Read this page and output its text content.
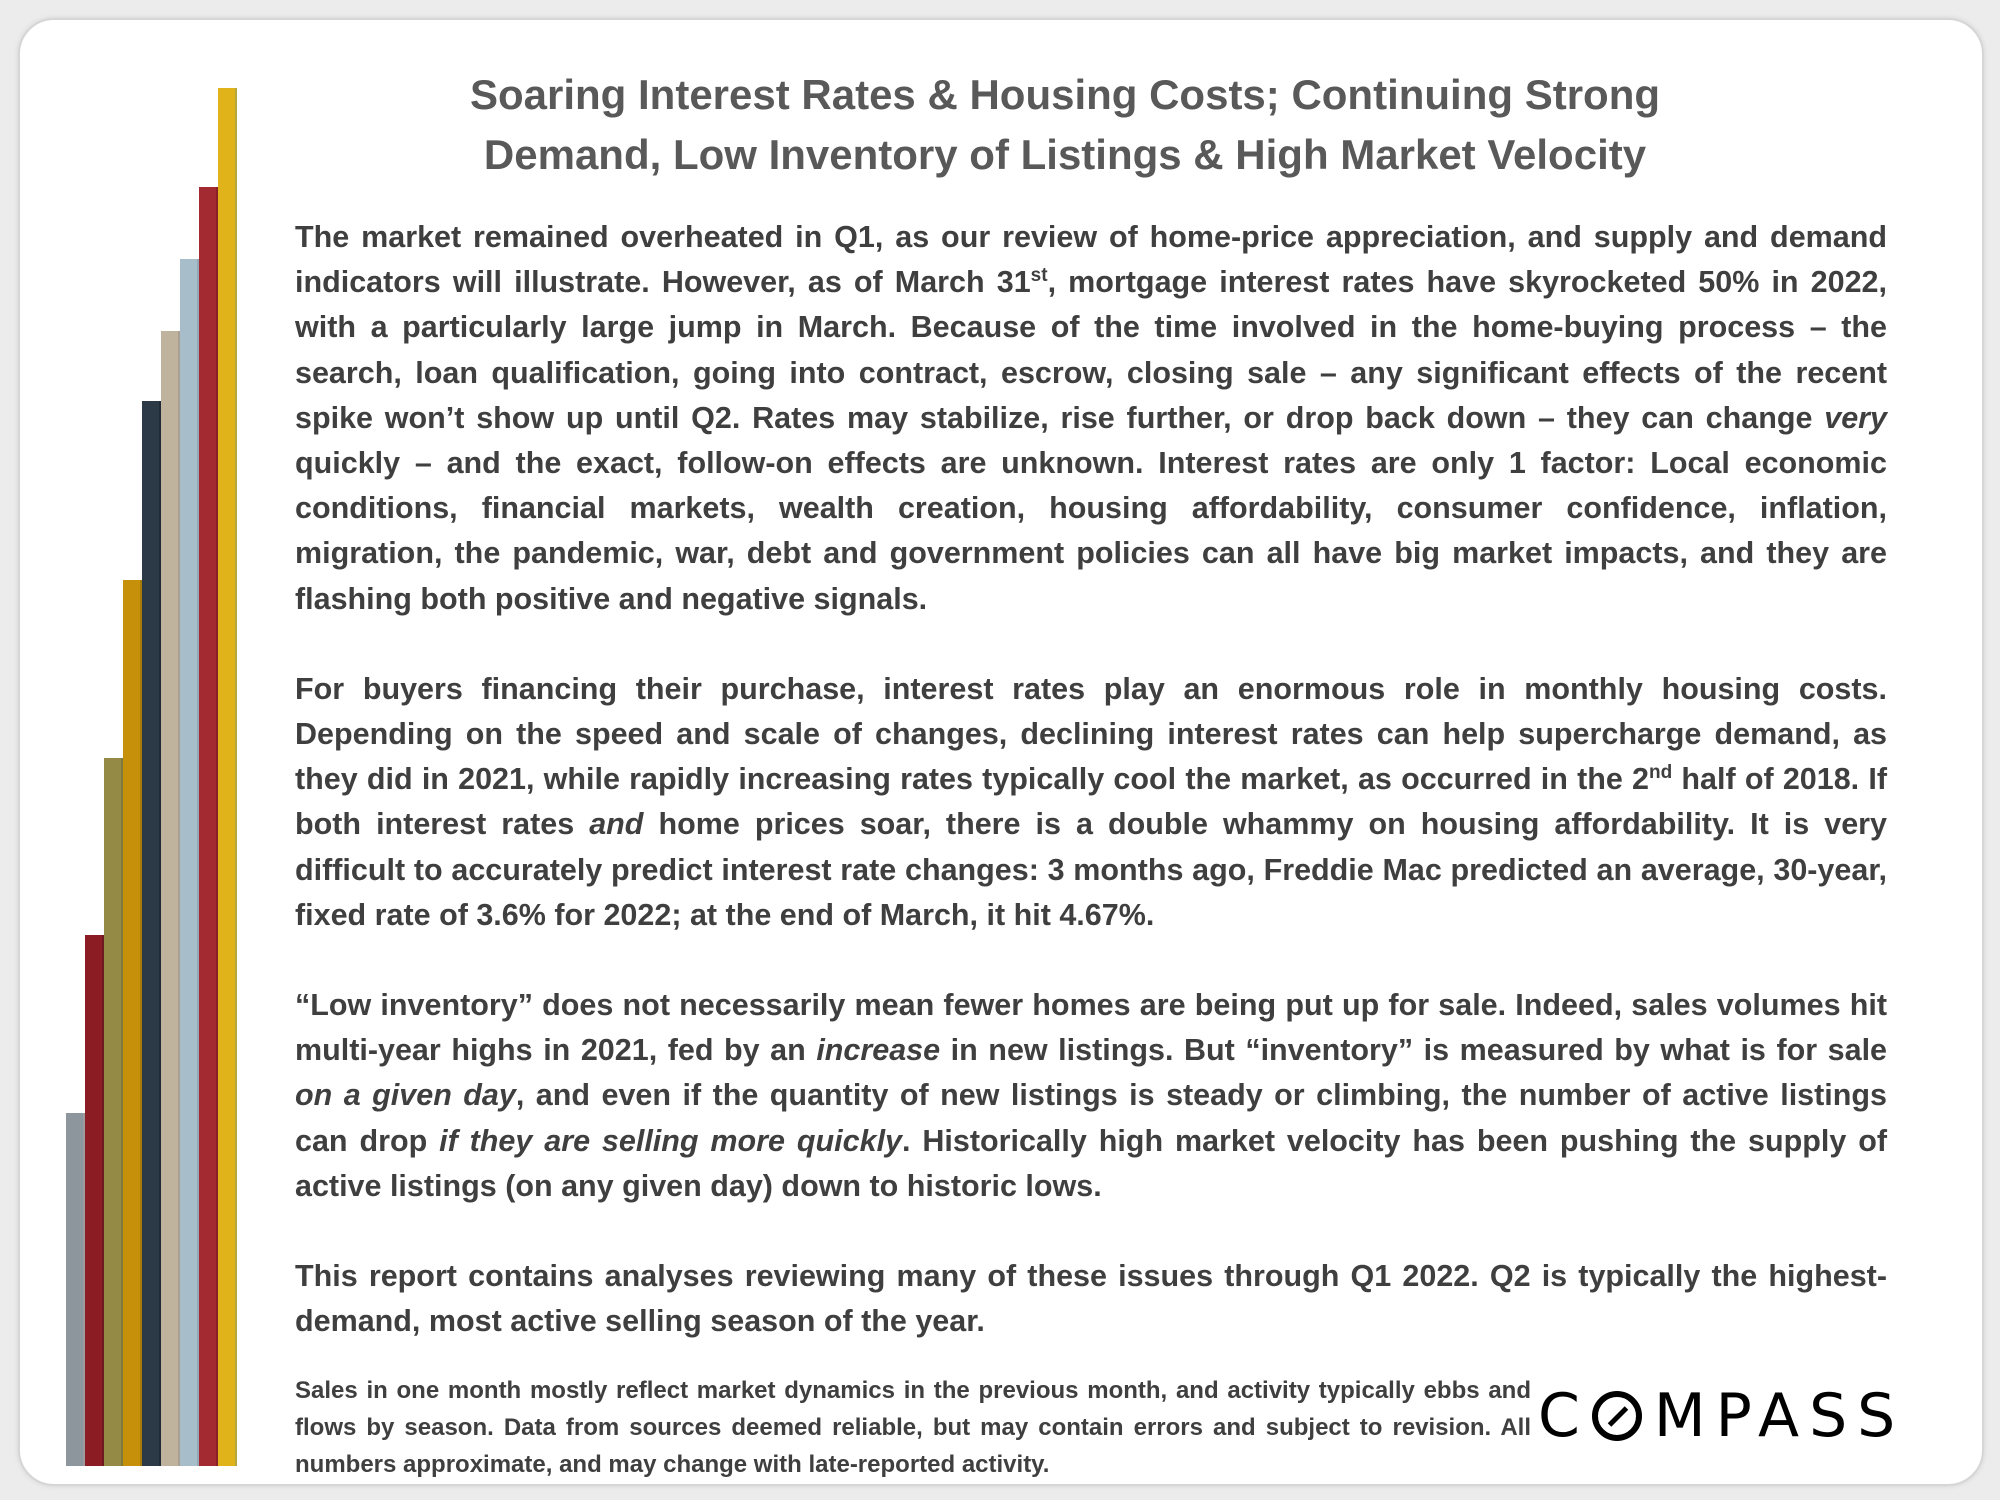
Soaring Interest Rates & Housing Costs; Continuing Strong
Demand, Low Inventory of Listings & High Market Velocity

The market remained overheated in Q1, as our review of home-price appreciation, and supply and demand indicators will illustrate. However, as of March 31st, mortgage interest rates have skyrocketed 50% in 2022, with a particularly large jump in March. Because of the time involved in the home-buying process – the search, loan qualification, going into contract, escrow, closing sale – any significant effects of the recent spike won’t show up until Q2. Rates may stabilize, rise further, or drop back down – they can change very quickly – and the exact, follow-on effects are unknown. Interest rates are only 1 factor: Local economic conditions, financial markets, wealth creation, housing affordability, consumer confidence, inflation, migration, the pandemic, war, debt and government policies can all have big market impacts, and they are flashing both positive and negative signals.

For buyers financing their purchase, interest rates play an enormous role in monthly housing costs. Depending on the speed and scale of changes, declining interest rates can help supercharge demand, as they did in 2021, while rapidly increasing rates typically cool the market, as occurred in the 2nd half of 2018. If both interest rates and home prices soar, there is a double whammy on housing affordability. It is very difficult to accurately predict interest rate changes: 3 months ago, Freddie Mac predicted an average, 30-year, fixed rate of 3.6% for 2022; at the end of March, it hit 4.67%.

“Low inventory” does not necessarily mean fewer homes are being put up for sale. Indeed, sales volumes hit multi-year highs in 2021, fed by an increase in new listings. But “inventory” is measured by what is for sale on a given day, and even if the quantity of new listings is steady or climbing, the number of active listings can drop if they are selling more quickly. Historically high market velocity has been pushing the supply of active listings (on any given day) down to historic lows.

This report contains analyses reviewing many of these issues through Q1 2022. Q2 is typically the highest-demand, most active selling season of the year.

Sales in one month mostly reflect market dynamics in the previous month, and activity typically ebbs and flows by season. Data from sources deemed reliable, but may contain errors and subject to revision. All numbers approximate, and may change with late-reported activity.
C MPASS
